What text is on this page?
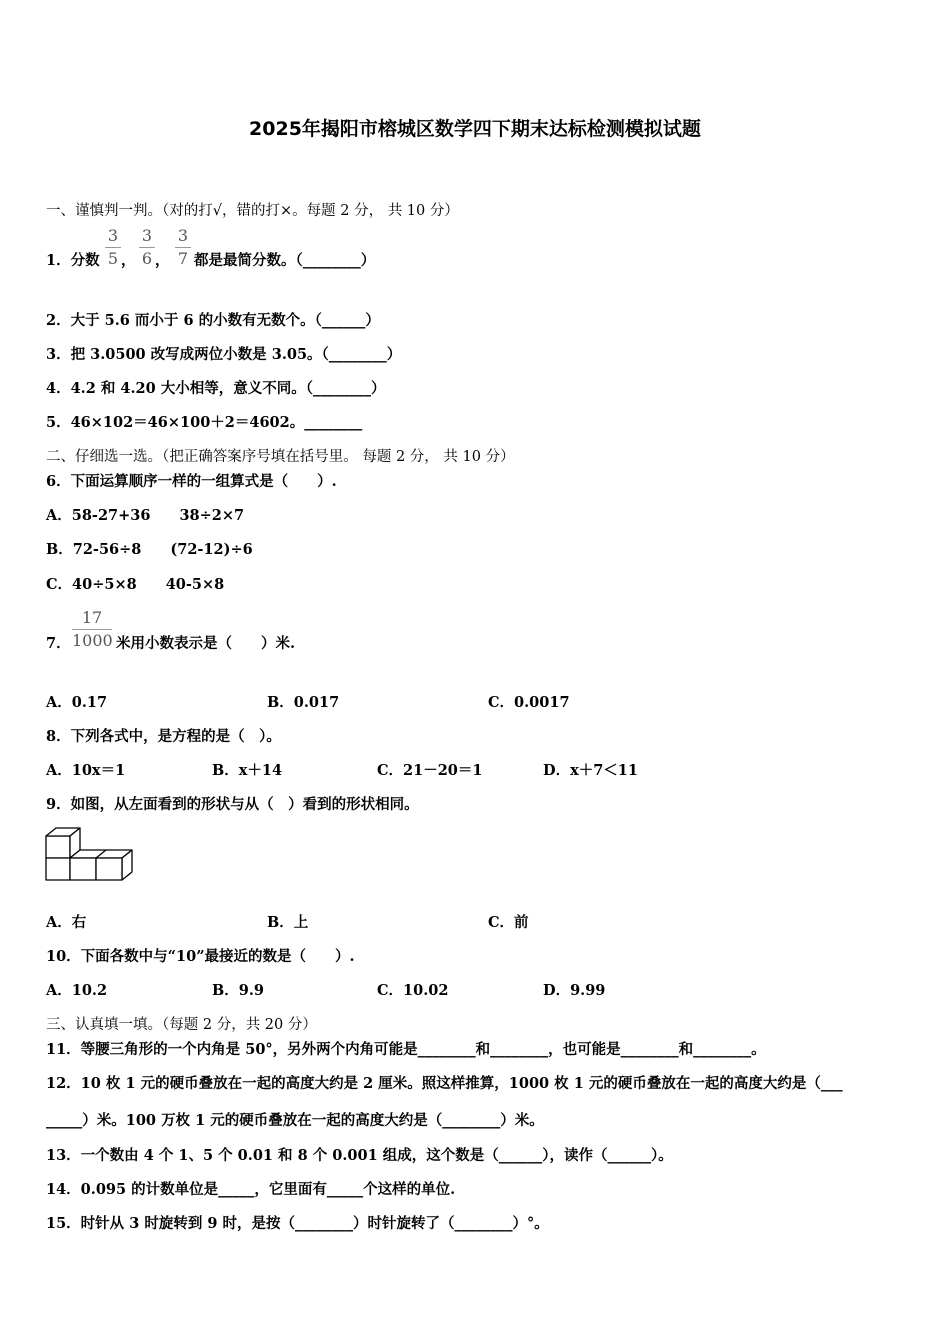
2025年揭阳市榕城区数学四下期末达标检测模拟试题
一、谨慎判一判。（对的打√，错的打×。每题 2 分， 共 10 分）
1．分数
3
5 ，
3
6 ，
3
7 都是最简分数。（________）
2．大于 5.6 而小于 6 的小数有无数个。（______）
3．把 3.0500 改写成两位小数是 3.05。（________）
4．4.2 和 4.20 大小相等，意义不同。（________）
5．46×102＝46×100＋2＝4602。________
二、仔细选一选。（把正确答案序号填在括号里。 每题 2 分， 共 10 分）
6．下面运算顺序一样的一组算式是（　　）.
A．58-27+36　　38÷2×7
B．72-56÷8　　(72-12)÷6
C．40÷5×8　　40-5×8
7．
17
1000 米用小数表示是（　　）米.
A．0.17	B．0.017	C．0.0017
8．下列各式中，是方程的是（　）。
A．10x＝1	B．x＋14	C．21－20＝1	D．x＋7＜11
9．如图，从左面看到的形状与从（　）看到的形状相同。
A．右	B．上	C．前
10．下面各数中与“10”最接近的数是（　　）.
A．10.2	B．9.9	C．10.02	D．9.99
三、认真填一填。（每题 2 分，共 20 分）
11．等腰三角形的一个内角是 50°，另外两个内角可能是________和________，也可能是________和________。
12．10 枚 1 元的硬币叠放在一起的高度大约是 2 厘米。照这样推算，1000 枚 1 元的硬币叠放在一起的高度大约是（___
_____）米。100 万枚 1 元的硬币叠放在一起的高度大约是（________）米。
13．一个数由 4 个 1、5 个 0.01 和 8 个 0.001 组成，这个数是（______），读作（______）。
14．0.095 的计数单位是_____，它里面有_____个这样的单位.
15．时针从 3 时旋转到 9 时，是按（________）时针旋转了（________）°。
